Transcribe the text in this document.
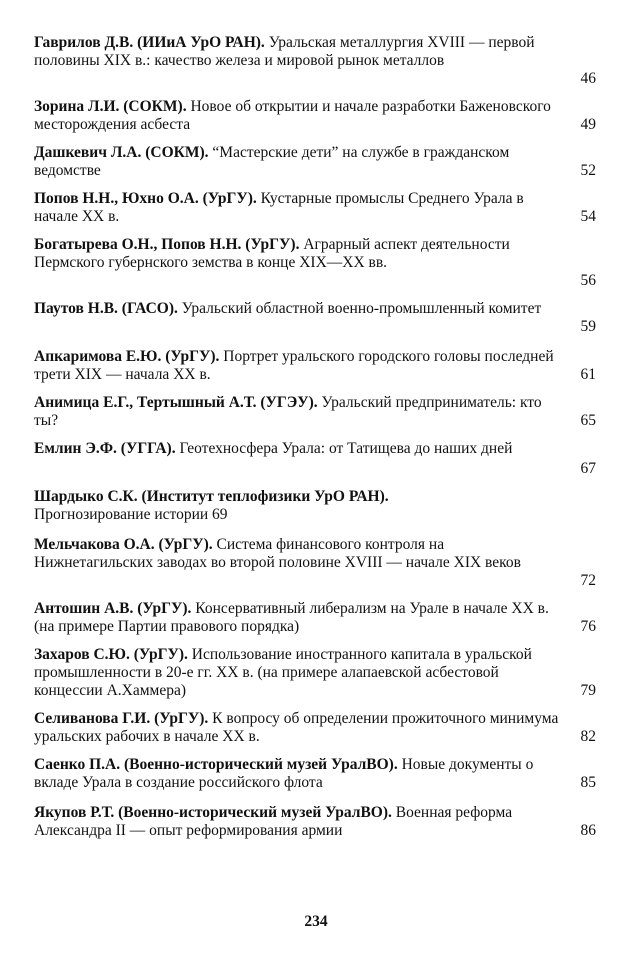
Гаврилов Д.В. (ИИиА УрО РАН). Уральская металлургия XVIII — первой половины XIX в.: качество железа и мировой рынок металлов
46
Зорина Л.И. (СОКМ). Новое об открытии и начале разработки Баженовского месторождения асбеста	49
Дашкевич Л.А. (СОКМ). “Мастерские дети” на службе в гражданском ведомстве	52
Попов Н.Н., Юхно О.А. (УрГУ). Кустарные промыслы Среднего Урала в начале XX в.	54
Богатырева О.Н., Попов Н.Н. (УрГУ). Аграрный аспект деятельности Пермского губернского земства в конце XIX—XX вв.
56
Паутов Н.В. (ГАСО). Уральский областной военно-промышленный комитет
59
Апкаримова Е.Ю. (УрГУ). Портрет уральского городского головы последней трети XIX — начала XX в.	61
Анимица Е.Г., Тертышный А.Т. (УГЭУ). Уральский предприниматель: кто ты?	65
Емлин Э.Ф. (УГГА). Геотехносфера Урала: от Татищева до наших дней
67
Шардыко С.К. (Институт теплофизики УрО РАН).
Прогнозирование истории 69
Мельчакова О.А. (УрГУ). Система финансового контроля на Нижнетагильских заводах во второй половине XVIII — начале XIX веков
72
Антошин А.В. (УрГУ). Консервативный либерализм на Урале в начале XX в. (на примере Партии правового порядка)	76
Захаров С.Ю. (УрГУ). Использование иностранного капитала в уральской промышленности в 20-е гг. XX в. (на примере алапаевской асбестовой концессии А.Хаммера)	79
Селиванова Г.И. (УрГУ). К вопросу об определении прожиточного минимума уральских рабочих в начале XX в.	82
Саенко П.А. (Военно-исторический музей УралВО). Новые документы о вкладе Урала в создание российского флота	85
Якупов Р.Т. (Военно-исторический музей УралВО). Военная реформа Александра II — опыт реформирования армии	86
234
